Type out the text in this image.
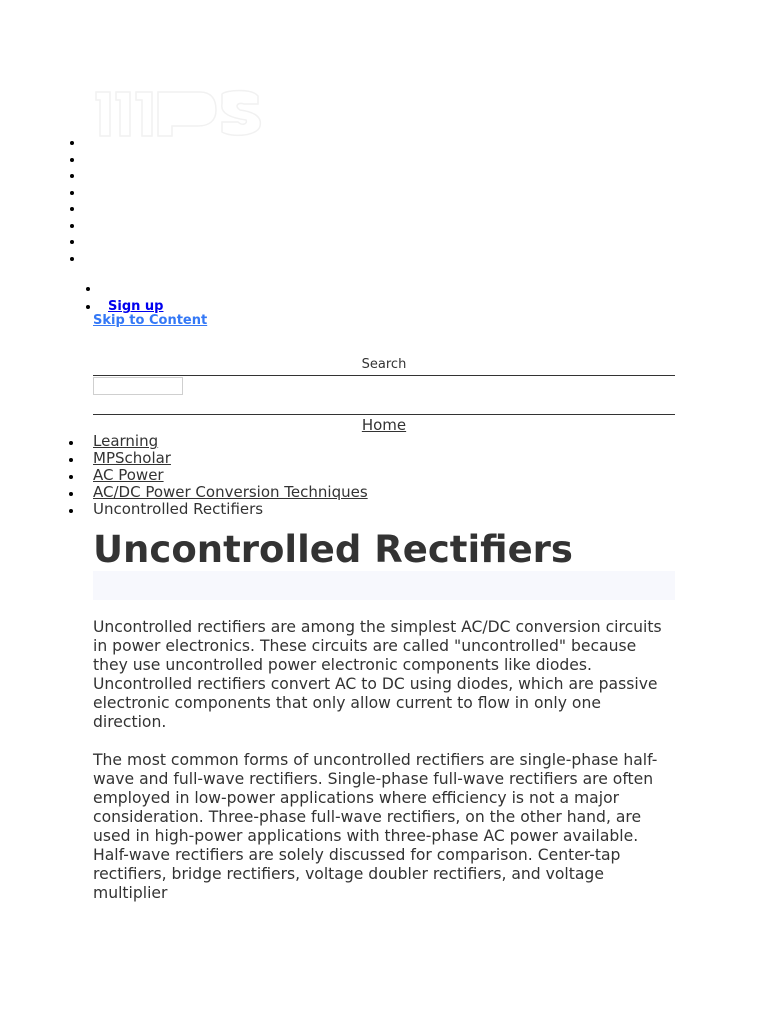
Sign up
Skip to Content
Search
Home
Learning
MPScholar
AC Power
AC/DC Power Conversion Techniques
Uncontrolled Rectifiers
Uncontrolled Rectifiers

Uncontrolled rectifiers are among the simplest AC/DC conversion circuits in power electronics. These circuits are called "uncontrolled" because they use uncontrolled power electronic components like diodes. Uncontrolled rectifiers convert AC to DC using diodes, which are passive electronic components that only allow current to flow in only one direction.

The most common forms of uncontrolled rectifiers are single-phase half-wave and full-wave rectifiers. Single-phase full-wave rectifiers are often employed in low-power applications where efficiency is not a major consideration. Three-phase full-wave rectifiers, on the other hand, are used in high-power applications with three-phase AC power available. Half-wave rectifiers are solely discussed for comparison. Center-tap rectifiers, bridge rectifiers, voltage doubler rectifiers, and voltage multiplier
